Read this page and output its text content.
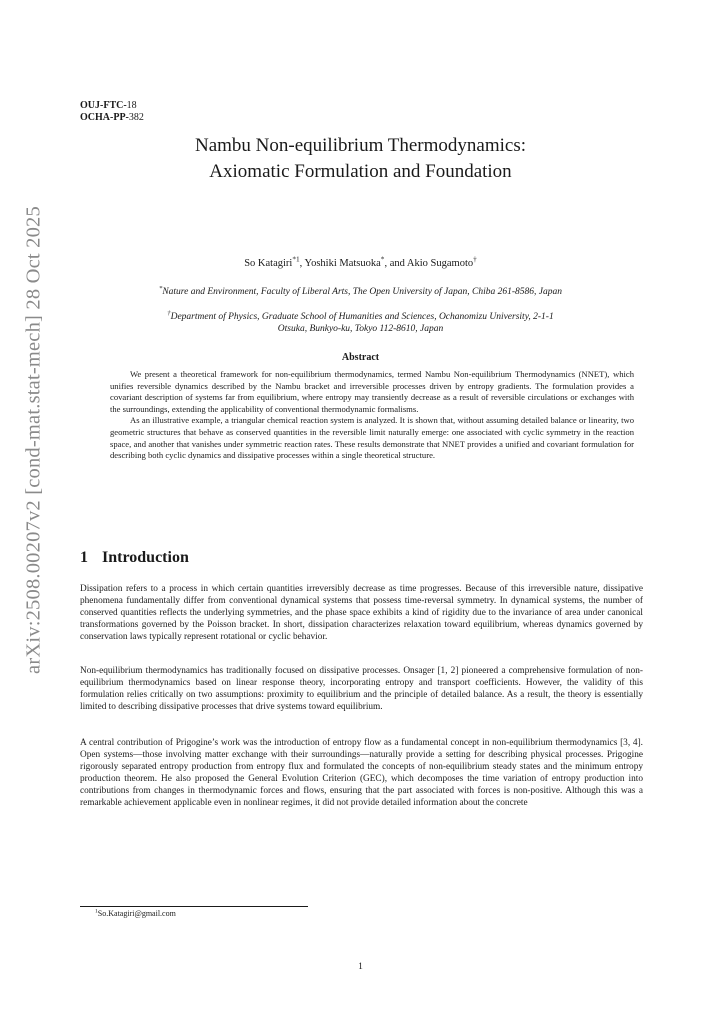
arXiv:2508.00207v2 [cond-mat.stat-mech] 28 Oct 2025
OUJ-FTC-18
OCHA-PP-382
Nambu Non-equilibrium Thermodynamics:
Axiomatic Formulation and Foundation
So Katagiri$^{*1}$, Yoshiki Matsuoka*, and Akio Sugamoto†
*Nature and Environment, Faculty of Liberal Arts, The Open University of Japan, Chiba 261-8586, Japan
†Department of Physics, Graduate School of Humanities and Sciences, Ochanomizu University, 2-1-1
Otsuka, Bunkyo-ku, Tokyo 112-8610, Japan
Abstract

We present a theoretical framework for non-equilibrium thermodynamics, termed Nambu Non-equilibrium Thermodynamics (NNET), which unifies reversible dynamics described by the Nambu bracket and irreversible processes driven by entropy gradients. The formulation provides a covariant description of systems far from equilibrium, where entropy may transiently decrease as a result of reversible circulations or exchanges with the surroundings, extending the applicability of conventional thermodynamic formalisms.

As an illustrative example, a triangular chemical reaction system is analyzed. It is shown that, without assuming detailed balance or linearity, two geometric structures that behave as conserved quantities in the reversible limit naturally emerge: one associated with cyclic symmetry in the reaction space, and another that vanishes under symmetric reaction rates. These results demonstrate that NNET provides a unified and covariant formulation for describing both cyclic dynamics and dissipative processes within a single theoretical structure.

1 Introduction

Dissipation refers to a process in which certain quantities irreversibly decrease as time progresses. Because of this irreversible nature, dissipative phenomena fundamentally differ from conventional dynamical systems that possess time-reversal symmetry. In dynamical systems, the number of conserved quantities reflects the underlying symmetries, and the phase space exhibits a kind of rigidity due to the invariance of area under canonical transformations governed by the Poisson bracket. In short, dissipation characterizes relaxation toward equilibrium, whereas dynamics governed by conservation laws typically represent rotational or cyclic behavior.

Non-equilibrium thermodynamics has traditionally focused on dissipative processes. Onsager [1, 2] pioneered a comprehensive formulation of non-equilibrium thermodynamics based on linear response theory, incorporating entropy and transport coefficients. However, the validity of this formulation relies critically on two assumptions: proximity to equilibrium and the principle of detailed balance. As a result, the theory is essentially limited to describing dissipative processes that drive systems toward equilibrium.

A central contribution of Prigogine’s work was the introduction of entropy flow as a fundamental concept in non-equilibrium thermodynamics [3, 4]. Open systems—those involving matter exchange with their surroundings—naturally provide a setting for describing physical processes. Prigogine rigorously separated entropy production from entropy flux and formulated the concepts of non-equilibrium steady states and the minimum entropy production theorem. He also proposed the General Evolution Criterion (GEC), which decomposes the time variation of entropy production into contributions from changes in thermodynamic forces and flows, ensuring that the part associated with forces is non-positive. Although this was a remarkable achievement applicable even in nonlinear regimes, it did not provide detailed information about the concrete

$^1$So.Katagiri@gmail.com
1
